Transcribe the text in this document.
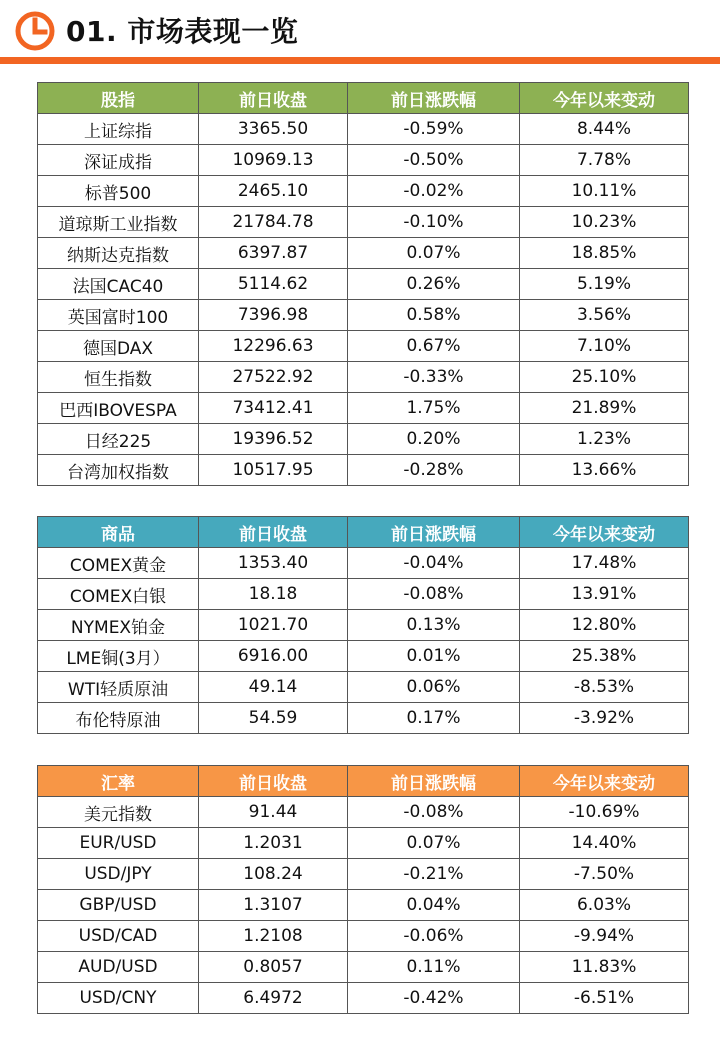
01. 市场表现一览
股指	前日收盘	前日涨跌幅	今年以来变动
上证综指	3365.50	-0.59%	8.44%
深证成指	10969.13	-0.50%	7.78%
标普500	2465.10	-0.02%	10.11%
道琼斯工业指数	21784.78	-0.10%	10.23%
纳斯达克指数	6397.87	0.07%	18.85%
法国CAC40	5114.62	0.26%	5.19%
英国富时100	7396.98	0.58%	3.56%
德国DAX	12296.63	0.67%	7.10%
恒生指数	27522.92	-0.33%	25.10%
巴西IBOVESPA	73412.41	1.75%	21.89%
日经225	19396.52	0.20%	1.23%
台湾加权指数	10517.95	-0.28%	13.66%
商品	前日收盘	前日涨跌幅	今年以来变动
COMEX黄金	1353.40	-0.04%	17.48%
COMEX白银	18.18	-0.08%	13.91%
NYMEX铂金	1021.70	0.13%	12.80%
LME铜(3月）	6916.00	0.01%	25.38%
WTI轻质原油	49.14	0.06%	-8.53%
布伦特原油	54.59	0.17%	-3.92%
汇率	前日收盘	前日涨跌幅	今年以来变动
美元指数	91.44	-0.08%	-10.69%
EUR/USD	1.2031	0.07%	14.40%
USD/JPY	108.24	-0.21%	-7.50%
GBP/USD	1.3107	0.04%	6.03%
USD/CAD	1.2108	-0.06%	-9.94%
AUD/USD	0.8057	0.11%	11.83%
USD/CNY	6.4972	-0.42%	-6.51%
